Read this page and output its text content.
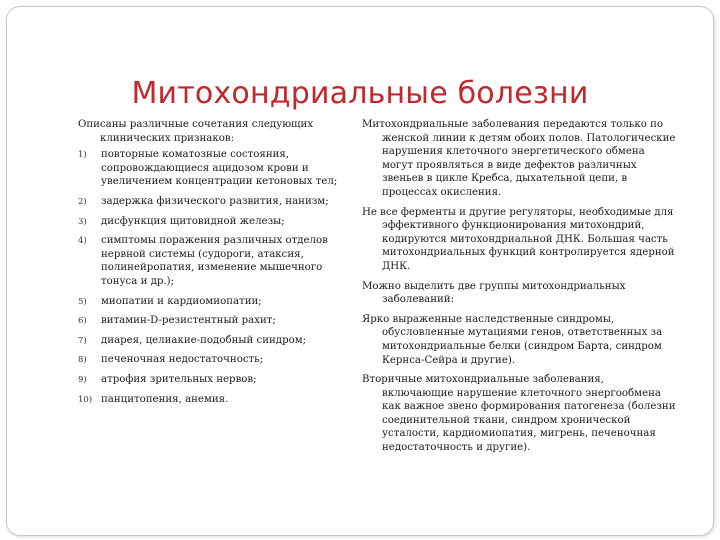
Митохондриальные болезни

Описаны различные сочетания следующих клинических признаков:

1) повторные коматозные состояния, сопровождающиеся ацидозом крови и увеличением концентрации кетоновых тел;
2) задержка физического развития, нанизм;
3) дисфункция щитовидной железы;
4) симптомы поражения различных отделов нервной системы (судороги, атаксия, полинейропатия, изменение мышечного тонуса и др.);
5) миопатии и кардиомиопатии;
6) витамин-D-резистентный рахит;
7) диарея, целиакие-подобный синдром;
8) печеночная недостаточность;
9) атрофия зрительных нервов;
10) панцитопения, анемия.

Митохондриальные заболевания передаются только по женской линии к детям обоих полов. Патологические нарушения клеточного энергетического обмена могут проявляться в виде дефектов различных звеньев в цикле Кребса, дыхательной цепи, в процессах окисления.

Не все ферменты и другие регуляторы, необходимые для эффективного функционирования митохондрий, кодируются митохондриальной ДНК. Большая часть митохондриальных функций контролируется ядерной ДНК.

Можно выделить две группы митохондриальных заболеваний:

Ярко выраженные наследственные синдромы, обусловленные мутациями генов, ответственных за митохондриальные белки (синдром Барта, синдром Кернса-Сейра и другие).

Вторичные митохондриальные заболевания, включающие нарушение клеточного энергообмена как важное звено формирования патогенеза (болезни соединительной ткани, синдром хронической усталости, кардиомиопатия, мигрень, печеночная недостаточность и другие).
